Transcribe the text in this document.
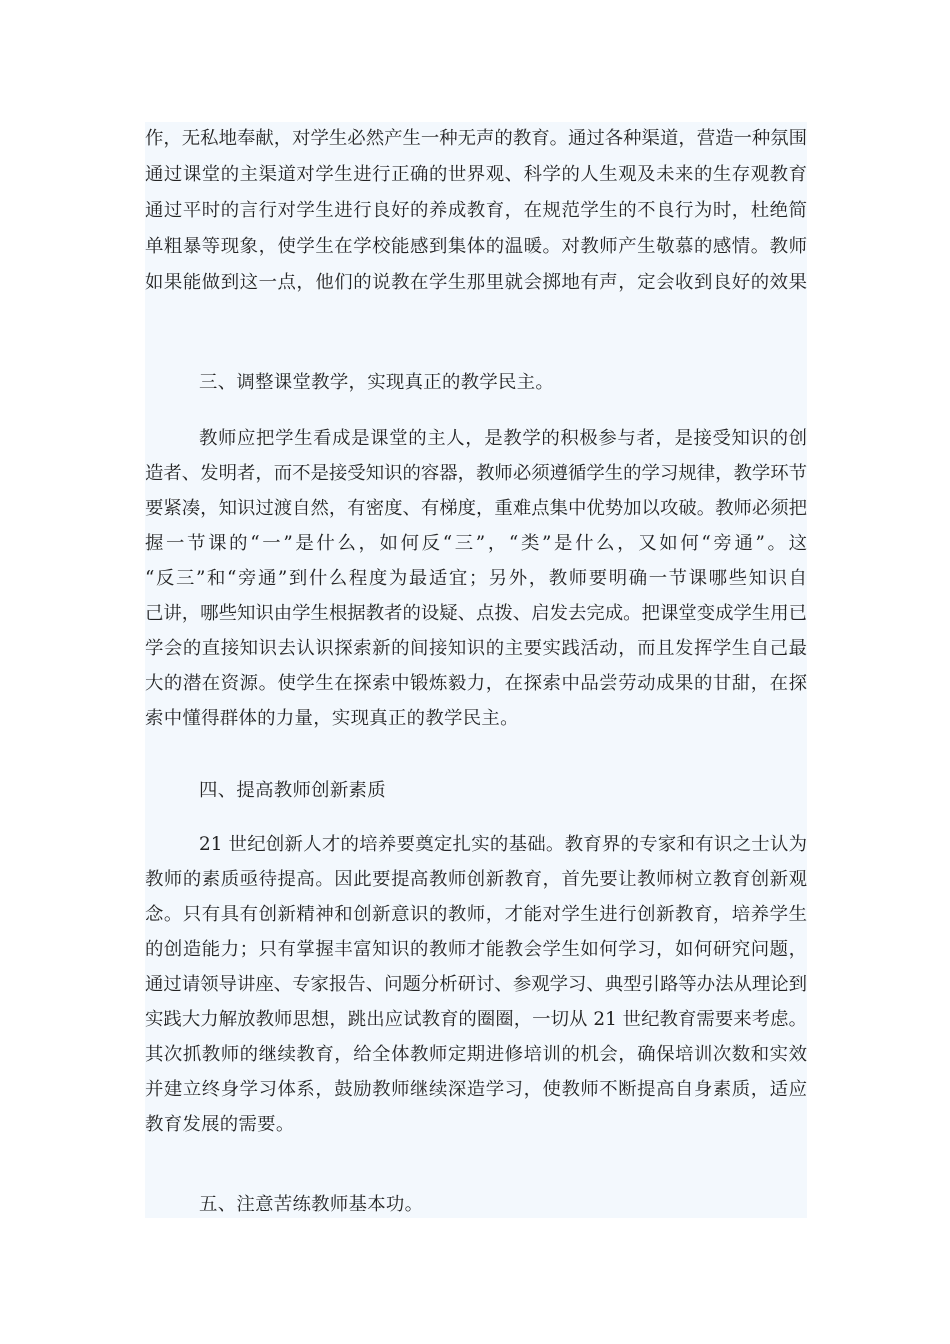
作，无私地奉献，对学生必然产生一种无声的教育。通过各种渠道，营造一种氛围
通过课堂的主渠道对学生进行正确的世界观、科学的人生观及未来的生存观教育
通过平时的言行对学生进行良好的养成教育，在规范学生的不良行为时，杜绝简
单粗暴等现象，使学生在学校能感到集体的温暖。对教师产生敬慕的感情。教师
如果能做到这一点，他们的说教在学生那里就会掷地有声，定会收到良好的效果
三、调整课堂教学，实现真正的教学民主。
教师应把学生看成是课堂的主人，是教学的积极参与者，是接受知识的创
造者、发明者，而不是接受知识的容器，教师必须遵循学生的学习规律，教学环节
要紧凑，知识过渡自然，有密度、有梯度，重难点集中优势加以攻破。教师必须把
握一节课的“一”是什么，如何反“三”，“类”是什么，又如何“旁通”。这
“反三”和“旁通”到什么程度为最适宜；另外，教师要明确一节课哪些知识自
己讲，哪些知识由学生根据教者的设疑、点拨、启发去完成。把课堂变成学生用已
学会的直接知识去认识探索新的间接知识的主要实践活动，而且发挥学生自己最
大的潜在资源。使学生在探索中锻炼毅力，在探索中品尝劳动成果的甘甜，在探
索中懂得群体的力量，实现真正的教学民主。
四、提高教师创新素质
21 世纪创新人才的培养要奠定扎实的基础。教育界的专家和有识之士认为
教师的素质亟待提高。因此要提高教师创新教育，首先要让教师树立教育创新观
念。只有具有创新精神和创新意识的教师，才能对学生进行创新教育，培养学生
的创造能力；只有掌握丰富知识的教师才能教会学生如何学习，如何研究问题，
通过请领导讲座、专家报告、问题分析研讨、参观学习、典型引路等办法从理论到
实践大力解放教师思想，跳出应试教育的圈圈，一切从 21 世纪教育需要来考虑。
其次抓教师的继续教育，给全体教师定期进修培训的机会，确保培训次数和实效
并建立终身学习体系，鼓励教师继续深造学习，使教师不断提高自身素质，适应
教育发展的需要。
五、注意苦练教师基本功。
